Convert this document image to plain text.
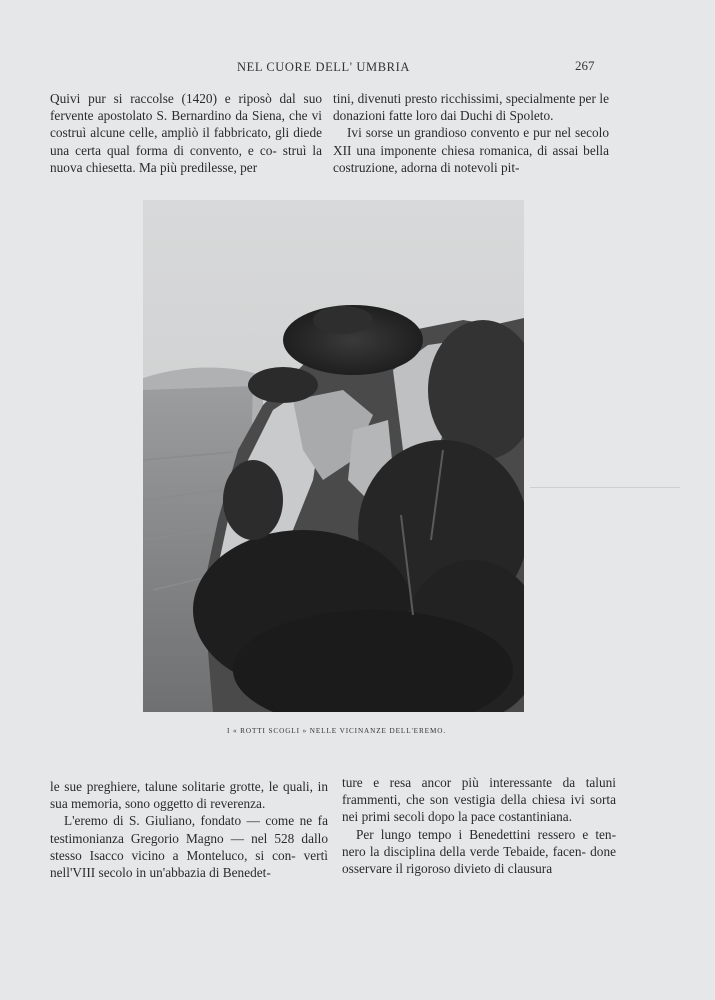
NEL CUORE DELL' UMBRIA	267

Quivi pur si raccolse (1420) e riposò dal suo fervente apostolato S. Bernardino da Siena, che vi costruì alcune celle, ampliò il fabbricato, gli diede una certa qual forma di convento, e co- struì la nuova chiesetta. Ma più predilesse, per

tini, divenuti presto ricchissimi, specialmente per le donazioni fatte loro dai Duchi di Spoleto.

Ivi sorse un grandioso convento e pur nel secolo XII una imponente chiesa romanica, di assai bella costruzione, adorna di notevoli pit-

I « ROTTI SCOGLI » NELLE VICINANZE DELL'EREMO.

le sue preghiere, talune solitarie grotte, le quali, in sua memoria, sono oggetto di reverenza.

L'eremo di S. Giuliano, fondato — come ne fa testimonianza Gregorio Magno — nel 528 dallo stesso Isacco vicino a Monteluco, si con- vertì nell'VIII secolo in un'abbazia di Benedet-

ture e resa ancor più interessante da taluni frammenti, che son vestigia della chiesa ivi sorta nei primi secoli dopo la pace costantiniana.

Per lungo tempo i Benedettini ressero e ten- nero la disciplina della verde Tebaide, facen- done osservare il rigoroso divieto di clausura
